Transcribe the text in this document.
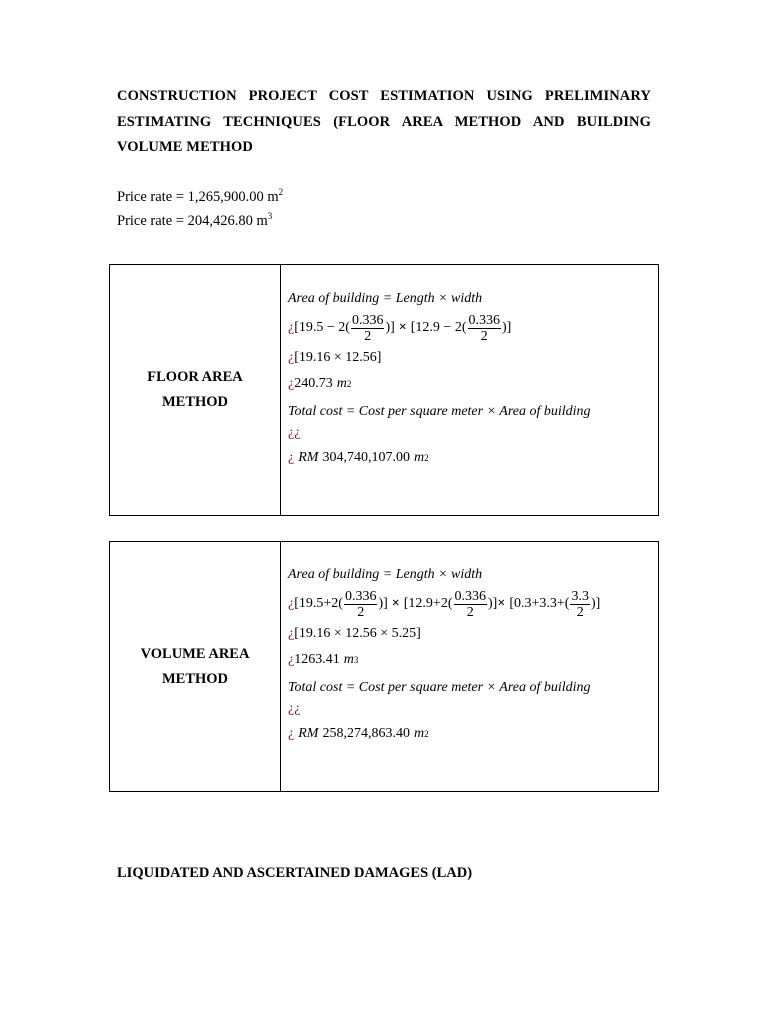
CONSTRUCTION PROJECT COST ESTIMATION USING PRELIMINARY ESTIMATING TECHNIQUES (FLOOR AREA METHOD AND BUILDING VOLUME METHOD
Price rate = 1,265,900.00 $m^2$
Price rate = 204,426.80 $m^3$
FLOOR AREA
METHOD

Area of building = Length × width
¿ [$19.5 - 2( \frac{0.336}{2}$ )] × [$12.9 - 2( \frac{0.336}{2}$ )]
¿ [19.16 × 12.56]
¿ 240.73 m 2
Total cost = Cost per square meter × Area of building
¿¿
¿ RM 304,740,107.00 m 2
VOLUME AREA
METHOD

Area of building = Length × width
¿ [$19.5+2( \frac{0.336}{2}$ )] × [$12.9+2( \frac{0.336}{2}$ )] × [$0.3+3.3+( \frac{3.3}{2}$ )]
¿ [19.16 × 12.56 × 5.25]
¿ 1263.41 m 3
Total cost = Cost per square meter × Area of building
¿¿
¿ RM 258,274,863.40 m 2
LIQUIDATED AND ASCERTAINED DAMAGES (LAD)
